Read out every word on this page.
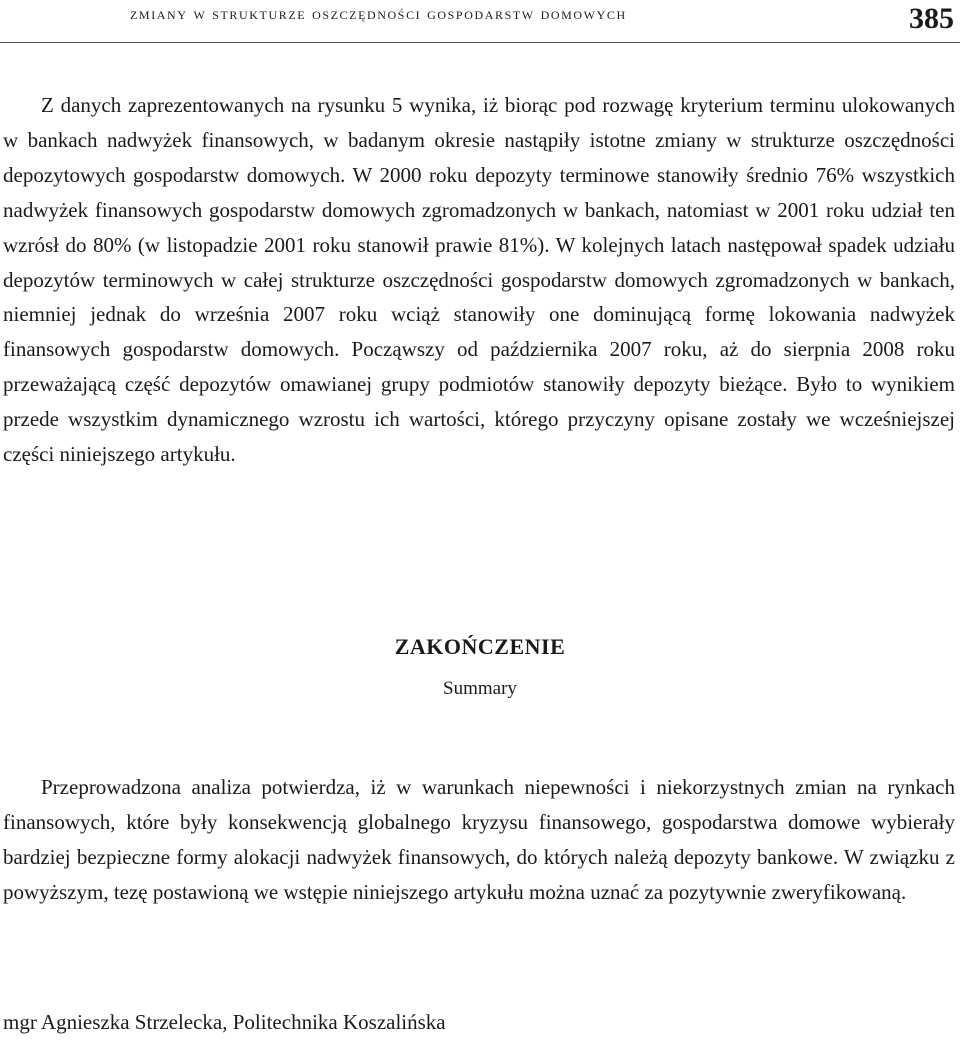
zmiany w strukturze oszczędności gospodarstw domowych	385

Z danych zaprezentowanych na rysunku 5 wynika, iż biorąc pod rozwagę kryterium terminu ulokowanych w bankach nadwyżek finansowych, w badanym okresie nastąpiły istotne zmiany w strukturze oszczędności depozytowych gospodarstw domowych. W 2000 roku depozyty terminowe stanowiły średnio 76% wszystkich nadwyżek finansowych gospodarstw domowych zgromadzonych w bankach, natomiast w 2001 roku udział ten wzrósł do 80% (w listopadzie 2001 roku stanowił prawie 81%). W kolejnych latach następował spadek udziału depozytów terminowych w całej strukturze oszczędności gospodarstw domowych zgromadzonych w bankach, niemniej jednak do września 2007 roku wciąż stanowiły one dominującą formę lokowania nadwyżek finansowych gospodarstw domowych. Począwszy od października 2007 roku, aż do sierpnia 2008 roku przeważającą część depozytów omawianej grupy podmiotów stanowiły depozyty bieżące. Było to wynikiem przede wszystkim dynamicznego wzrostu ich wartości, którego przyczyny opisane zostały we wcześniejszej części niniejszego artykułu.

ZAKOŃCZENIE
Summary

Przeprowadzona analiza potwierdza, iż w warunkach niepewności i niekorzystnych zmian na rynkach finansowych, które były konsekwencją globalnego kryzysu finansowego, gospodarstwa domowe wybierały bardziej bezpieczne formy alokacji nadwyżek finansowych, do których należą depozyty bankowe. W związku z powyższym, tezę postawioną we wstępie niniejszego artykułu można uznać za pozytywnie zweryfikowaną.

mgr Agnieszka Strzelecka, Politechnika Koszalińska
